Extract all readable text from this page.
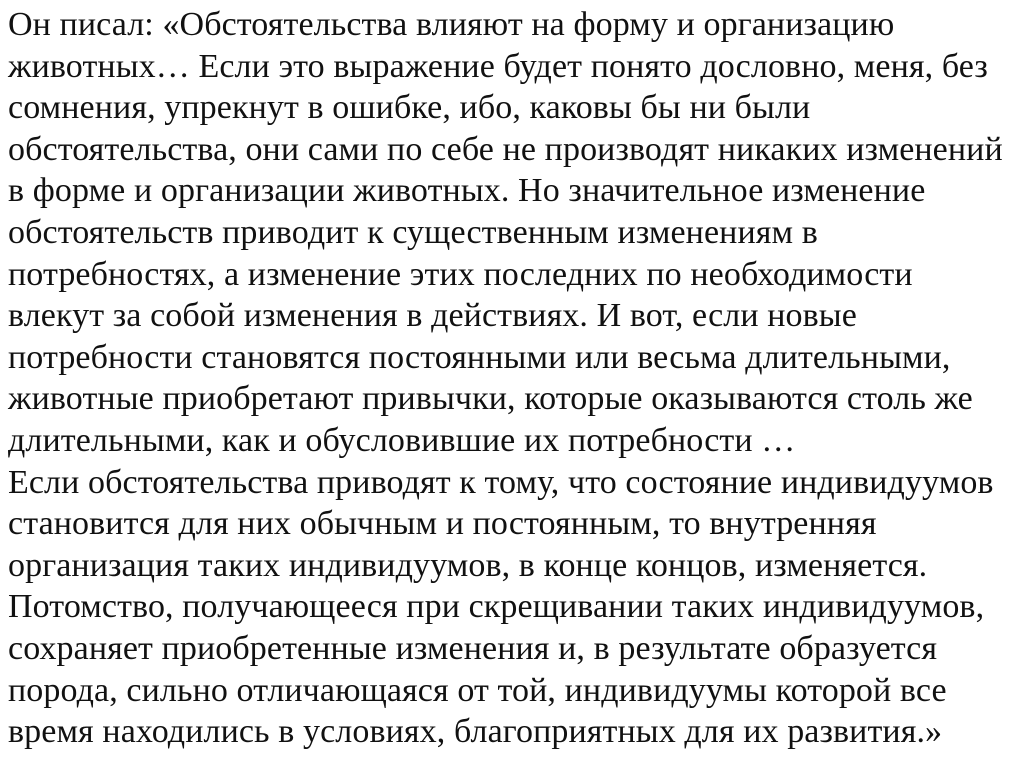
Он писал: «Обстоятельства влияют на форму и организацию
животных… Если это выражение будет понято дословно, меня, без
сомнения, упрекнут в ошибке, ибо, каковы бы ни были
обстоятельства, они сами по себе не производят никаких изменений
в форме и организации животных. Но значительное изменение
обстоятельств приводит к существенным изменениям в
потребностях, а изменение этих последних по необходимости
влекут за собой изменения в действиях. И вот, если новые
потребности становятся постоянными или весьма длительными,
животные приобретают привычки, которые оказываются столь же
длительными, как и обусловившие их потребности …
Если обстоятельства приводят к тому, что состояние индивидуумов
становится для них обычным и постоянным, то внутренняя
организация таких индивидуумов, в конце концов, изменяется.
Потомство, получающееся при скрещивании таких индивидуумов,
сохраняет приобретенные изменения и, в результате образуется
порода, сильно отличающаяся от той, индивидуумы которой все
время находились в условиях, благоприятных для их развития.»
